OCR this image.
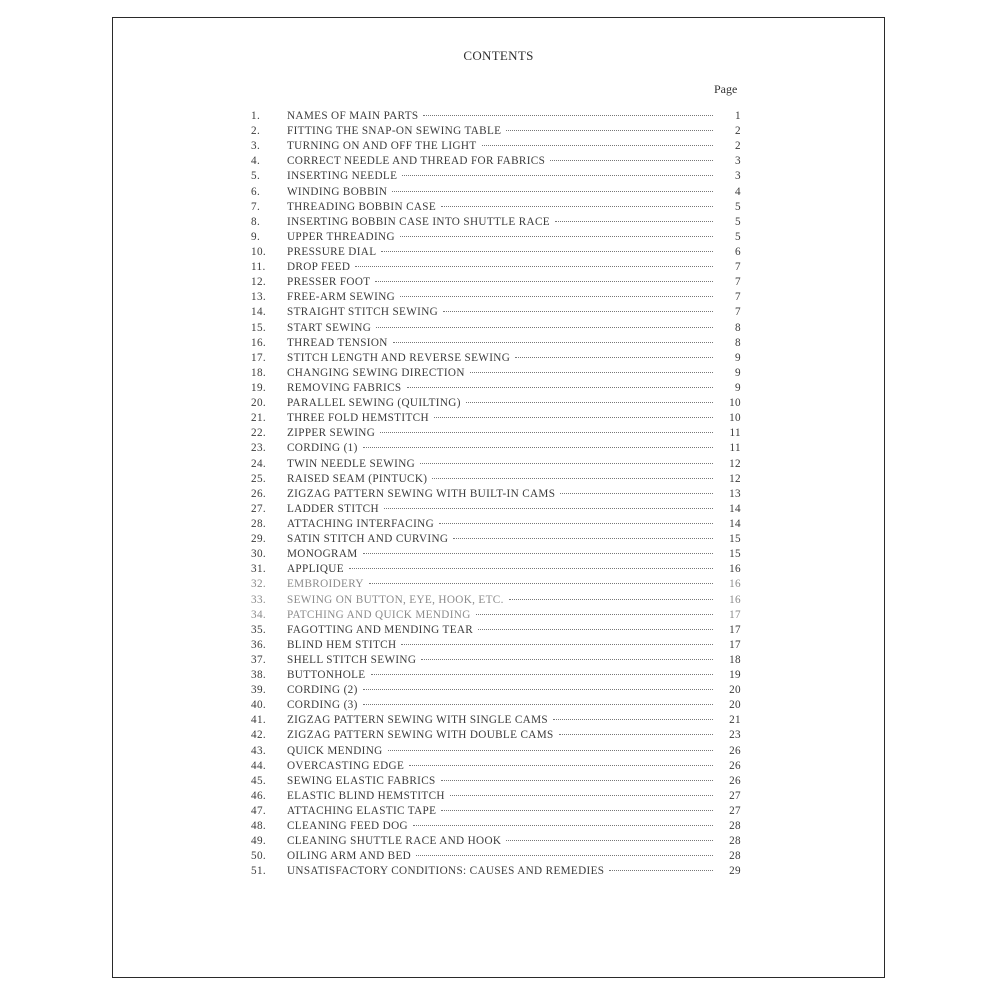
CONTENTS
Page
1.	NAMES OF MAIN PARTS	1
2.	FITTING THE SNAP-ON SEWING TABLE	2
3.	TURNING ON AND OFF THE LIGHT	2
4.	CORRECT NEEDLE AND THREAD FOR FABRICS	3
5.	INSERTING NEEDLE	3
6.	WINDING BOBBIN	4
7.	THREADING BOBBIN CASE	5
8.	INSERTING BOBBIN CASE INTO SHUTTLE RACE	5
9.	UPPER THREADING	5
10.	PRESSURE DIAL	6
11.	DROP FEED	7
12.	PRESSER FOOT	7
13.	FREE-ARM SEWING	7
14.	STRAIGHT STITCH SEWING	7
15.	START SEWING	8
16.	THREAD TENSION	8
17.	STITCH LENGTH AND REVERSE SEWING	9
18.	CHANGING SEWING DIRECTION	9
19.	REMOVING FABRICS	9
20.	PARALLEL SEWING (QUILTING)	10
21.	THREE FOLD HEMSTITCH	10
22.	ZIPPER SEWING	11
23.	CORDING (1)	11
24.	TWIN NEEDLE SEWING	12
25.	RAISED SEAM (PINTUCK)	12
26.	ZIGZAG PATTERN SEWING WITH BUILT-IN CAMS	13
27.	LADDER STITCH	14
28.	ATTACHING INTERFACING	14
29.	SATIN STITCH AND CURVING	15
30.	MONOGRAM	15
31.	APPLIQUE	16
32.	EMBROIDERY	16
33.	SEWING ON BUTTON, EYE, HOOK, ETC.	16
34.	PATCHING AND QUICK MENDING	17
35.	FAGOTTING AND MENDING TEAR	17
36.	BLIND HEM STITCH	17
37.	SHELL STITCH SEWING	18
38.	BUTTONHOLE	19
39.	CORDING (2)	20
40.	CORDING (3)	20
41.	ZIGZAG PATTERN SEWING WITH SINGLE CAMS	21
42.	ZIGZAG PATTERN SEWING WITH DOUBLE CAMS	23
43.	QUICK MENDING	26
44.	OVERCASTING EDGE	26
45.	SEWING ELASTIC FABRICS	26
46.	ELASTIC BLIND HEMSTITCH	27
47.	ATTACHING ELASTIC TAPE	27
48.	CLEANING FEED DOG	28
49.	CLEANING SHUTTLE RACE AND HOOK	28
50.	OILING ARM AND BED	28
51.	UNSATISFACTORY CONDITIONS: CAUSES AND REMEDIES	29
